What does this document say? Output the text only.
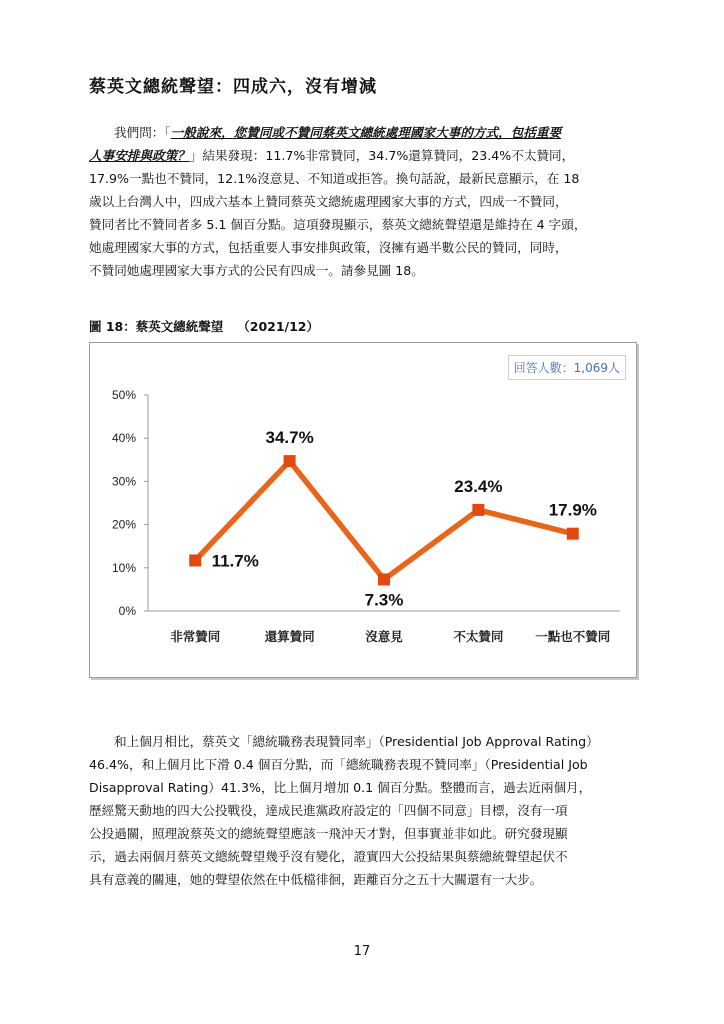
蔡英文總統聲望：四成六，沒有增減
我們問：「一般說來，您贊同或不贊同蔡英文總統處理國家大事的方式，包括重要
人事安排與政策？」結果發現：11.7%非常贊同，34.7%還算贊同，23.4%不太贊同，
17.9%一點也不贊同，12.1%沒意見、不知道或拒答。換句話說，最新民意顯示，在 18
歲以上台灣人中，四成六基本上贊同蔡英文總統處理國家大事的方式，四成一不贊同，
贊同者比不贊同者多 5.1 個百分點。這項發現顯示，蔡英文總統聲望還是維持在 4 字頭，
她處理國家大事的方式，包括重要人事安排與政策，沒擁有過半數公民的贊同，同時，
不贊同她處理國家大事方式的公民有四成一。請參見圖 18。
圖 18：蔡英文總統聲望 （2021/12）
0%
10%
20%
30%
40%
50%
非常贊同	還算贊同	沒意見	不太贊同	一點也不贊同
11.7%
34.7%
7.3%
23.4%
17.9%
回答人數：1,069人
和上個月相比，蔡英文「總統職務表現贊同率」（Presidential Job Approval Rating）
46.4%，和上個月比下滑 0.4 個百分點，而「總統職務表現不贊同率」（Presidential Job
Disapproval Rating）41.3%，比上個月增加 0.1 個百分點。整體而言，過去近兩個月，
歷經驚天動地的四大公投戰役，達成民進黨政府設定的「四個不同意」目標，沒有一項
公投過關，照理說蔡英文的總統聲望應該一飛沖天才對，但事實並非如此。研究發現顯
示，過去兩個月蔡英文總統聲望幾乎沒有變化，證實四大公投結果與蔡總統聲望起伏不
具有意義的關連，她的聲望依然在中低檔徘徊，距離百分之五十大關還有一大步。
17
